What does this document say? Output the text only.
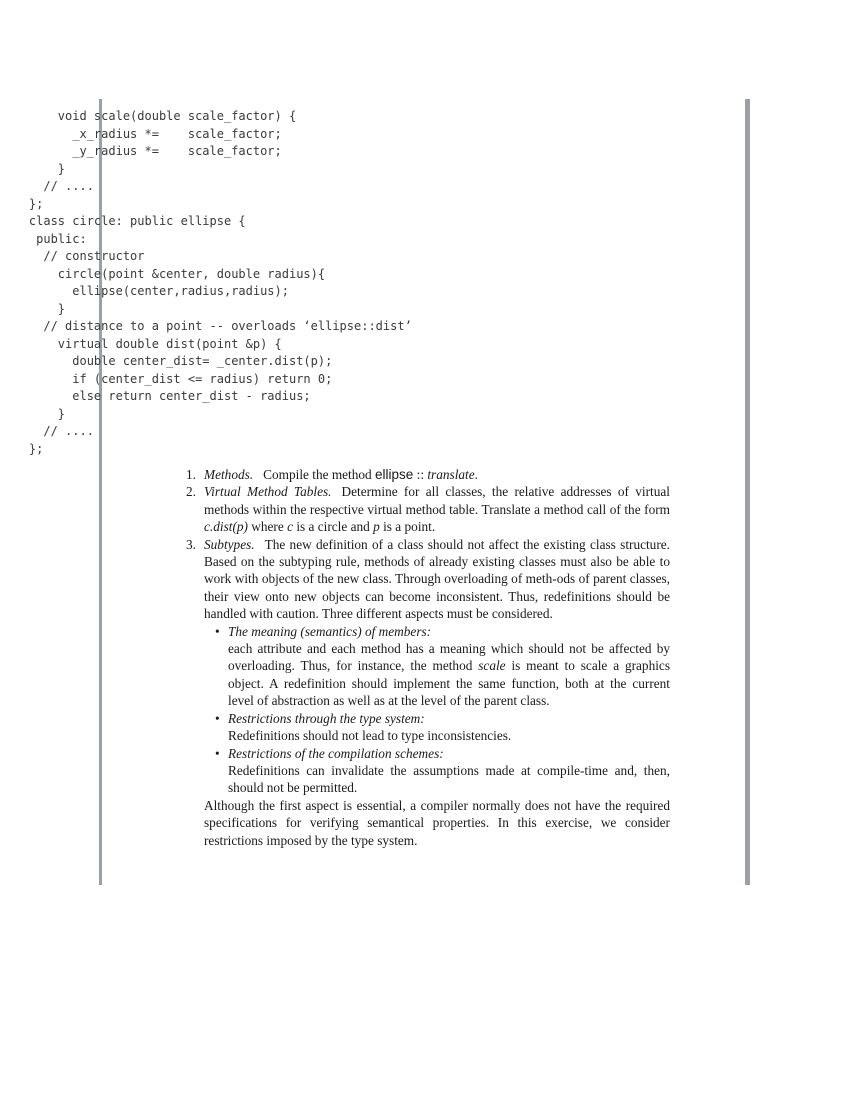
void scale(double scale_factor) {
_x_radius *=    scale_factor;
_y_radius *=    scale_factor;
}
// ....
};
class circle: public ellipse {
public:
// constructor
circle(point &center, double radius){
ellipse(center,radius,radius);
}
// distance to a point -- overloads ‘ellipse::dist’
virtual double dist(point &p) {
double center_dist= _center.dist(p);
if (center_dist <= radius) return 0;
else return center_dist - radius;
}
// ....
};
1. Methods. Compile the method ellipse :: translate.
2. Virtual Method Tables. Determine for all classes, the relative addresses of virtual methods within the respective virtual method table. Translate a method call of the form c.dist(p) where c is a circle and p is a point.
3. Subtypes. The new definition of a class should not affect the existing class structure. Based on the subtyping rule, methods of already existing classes must also be able to work with objects of the new class. Through overloading of meth-ods of parent classes, their view onto new objects can become inconsistent. Thus, redefinitions should be handled with caution. Three different aspects must be considered.
• The meaning (semantics) of members:
each attribute and each method has a meaning which should not be affected by overloading. Thus, for instance, the method scale is meant to scale a graphics object. A redefinition should implement the same function, both at the current level of abstraction as well as at the level of the parent class.
• Restrictions through the type system:
Redefinitions should not lead to type inconsistencies.
• Restrictions of the compilation schemes:
Redefinitions can invalidate the assumptions made at compile-time and, then, should not be permitted.
Although the first aspect is essential, a compiler normally does not have the required specifications for verifying semantical properties. In this exercise, we consider restrictions imposed by the type system.
